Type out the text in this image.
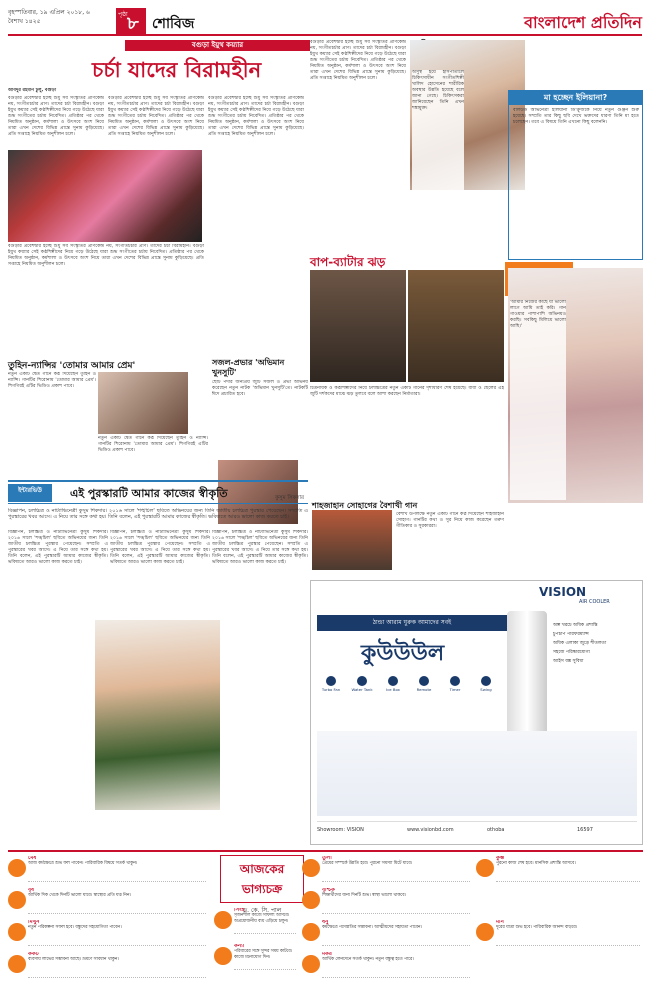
বৃহস্পতিবার, ১৯ এপ্রিল ২০১৮, ৬ বৈশাখ ১৪২৫
পৃষ্ঠা ৮ শোবিজ	বাংলাদেশ প্রতিদিন
বগুড়া ইয়ুথ কয়্যার
চর্চা যাদের বিরামহীন
আবদুর রহমান টুলু, বগুড়া
বগুড়ার প্রবেশদ্বার হচ্ছে শুধু সব সংস্কৃতির প্রাণকেন্দ্র নয়, সংগীতচর্চার প্রাণ। তাদের চর্চা বিরামহীন। বগুড়া ইয়ুথ কয়্যার সেই কণ্ঠশিল্পীদের নিয়ে গড়ে উঠেছে যারা শুদ্ধ সংগীতের চর্চায় নিবেদিত। প্রতিষ্ঠার পর থেকে নিয়মিত অনুষ্ঠান, কর্মশালা ও উৎসবে অংশ নিয়ে তারা এখন দেশের বিভিন্ন প্রান্তে সুনাম কুড়িয়েছে। প্রতি সপ্তাহে নিয়মিত অনুশীলন চলে।
বগুড়ার প্রবেশদ্বার হচ্ছে শুধু সব সংস্কৃতির প্রাণকেন্দ্র নয়, সংগীতচর্চার প্রাণ। তাদের চর্চা বিরামহীন। বগুড়া ইয়ুথ কয়্যার সেই কণ্ঠশিল্পীদের নিয়ে গড়ে উঠেছে যারা শুদ্ধ সংগীতের চর্চায় নিবেদিত। প্রতিষ্ঠার পর থেকে নিয়মিত অনুষ্ঠান, কর্মশালা ও উৎসবে অংশ নিয়ে তারা এখন দেশের বিভিন্ন প্রান্তে সুনাম কুড়িয়েছে। প্রতি সপ্তাহে নিয়মিত অনুশীলন চলে।
বগুড়ার প্রবেশদ্বার হচ্ছে শুধু সব সংস্কৃতির প্রাণকেন্দ্র নয়, সংগীতচর্চার প্রাণ। তাদের চর্চা বিরামহীন। বগুড়া ইয়ুথ কয়্যার সেই কণ্ঠশিল্পীদের নিয়ে গড়ে উঠেছে যারা শুদ্ধ সংগীতের চর্চায় নিবেদিত। প্রতিষ্ঠার পর থেকে নিয়মিত অনুষ্ঠান, কর্মশালা ও উৎসবে অংশ নিয়ে তারা এখন দেশের বিভিন্ন প্রান্তে সুনাম কুড়িয়েছে। প্রতি সপ্তাহে নিয়মিত অনুশীলন চলে।
বগুড়ার প্রবেশদ্বার হচ্ছে শুধু সব সংস্কৃতির প্রাণকেন্দ্র নয়, সংগীতচর্চার প্রাণ। তাদের চর্চা বিরামহীন। বগুড়া ইয়ুথ কয়্যার সেই কণ্ঠশিল্পীদের নিয়ে গড়ে উঠেছে যারা শুদ্ধ সংগীতের চর্চায় নিবেদিত। প্রতিষ্ঠার পর থেকে নিয়মিত অনুষ্ঠান, কর্মশালা ও উৎসবে অংশ নিয়ে তারা এখন দেশের বিভিন্ন প্রান্তে সুনাম কুড়িয়েছে। প্রতি সপ্তাহে নিয়মিত অনুশীলন চলে।
বগুড়ার প্রবেশদ্বার হচ্ছে শুধু সব সংস্কৃতির প্রাণকেন্দ্র নয়, সংগীতচর্চার প্রাণ। তাদের চর্চা বিরামহীন। বগুড়া ইয়ুথ কয়্যার সেই কণ্ঠশিল্পীদের নিয়ে গড়ে উঠেছে যারা শুদ্ধ সংগীতের চর্চায় নিবেদিত। প্রতিষ্ঠার পর থেকে নিয়মিত অনুষ্ঠান, কর্মশালা ও উৎসবে অংশ নিয়ে তারা এখন দেশের বিভিন্ন প্রান্তে সুনাম কুড়িয়েছে। প্রতি সপ্তাহে নিয়মিত অনুশীলন চলে।
অসুস্থ হয়ে হাসপাতালে চিকিৎসাধীন সংগীতশিল্পী খালিদ হোসেনের শারীরিক অবস্থার উন্নতি হয়েছে বলে জানা গেছে। চিকিৎসকরা জানিয়েছেন তিনি এখন শঙ্কামুক্ত।
মা হচ্ছেন ইলিয়ানা?
বলিউড অভিনেত্রী ইলিয়ানা ডি'ক্রুজকে নিয়ে নতুন গুঞ্জন শুরু হয়েছে। সম্প্রতি তার কিছু ছবি দেখে ভক্তদের ধারণা তিনি মা হতে চলেছেন। তবে এ বিষয়ে তিনি এখনো কিছু বলেননি।
বাপ-ব্যাটার ঝড়
চিত্রনায়ক ও কণ্ঠশিল্পীদের নিয়ে চলচ্চিত্রের নতুন একটি গানের দৃশ্যধারণ শেষ হয়েছে। বাবা ও ছেলের এই জুটি দর্শকদের মাঝে ঝড় তুলবে বলে আশা করছেন নির্মাতারা।
'আমার নিজের কাছে যা ভালো লাগে আমি তাই করি। গান গাওয়ার পাশাপাশি অভিনয়ও করছি। সবকিছু মিলিয়ে ভালো আছি।'
তুহিন-ন্যান্সির 'তোমার আমার প্রেম'
নতুন একটি দ্বৈত গানে কণ্ঠ দিয়েছেন তুহিন ও ন্যান্সি। গানটির শিরোনাম 'তোমার আমার প্রেম'। শিগগিরই এটির ভিডিও প্রকাশ পাবে।
নতুন একটি দ্বৈত গানে কণ্ঠ দিয়েছেন তুহিন ও ন্যান্সি। গানটির শিরোনাম 'তোমার আমার প্রেম'। শিগগিরই এটির ভিডিও প্রকাশ পাবে।
সজল-প্রভার 'অভিমান খুনসুটি'
ছোট পর্দার জনপ্রিয় জুটি সজল ও প্রভা অভিনয় করেছেন নতুন নাটক 'অভিমান খুনসুটি'তে। নাটকটি ঈদে প্রচারিত হবে।
শাহজাহান সোহাগের বৈশাখী গান
বৈশাখ উপলক্ষে নতুন একটি গানে কণ্ঠ দিয়েছেন শাহজাহান সোহাগ। গানটির কথা ও সুর নিয়ে কাজ করেছেন তরুণ গীতিকার ও সুরকাররা।
ইন্টারভিউ	এই পুরস্কারটি আমার কাজের স্বীকৃতি	কুসুম সিকদার
বিজ্ঞাপন, চলচ্চিত্র ও নাট্যাভিনেত্রী কুসুম শিকদার। ২০১৬ সালে 'শঙ্খচিল' ছবিতে অভিনয়ের জন্য তিনি জাতীয় চলচ্চিত্র পুরস্কার পেয়েছেন। সম্প্রতি এ পুরস্কারের খবর আসে। এ নিয়ে তার সঙ্গে কথা হয়। তিনি বলেন, এই পুরস্কারটি আমার কাজের স্বীকৃতি। ভবিষ্যতে আরও ভালো কাজ করতে চাই।
বিজ্ঞাপন, চলচ্চিত্র ও নাট্যাভিনেত্রী কুসুম শিকদার। ২০১৬ সালে 'শঙ্খচিল' ছবিতে অভিনয়ের জন্য তিনি জাতীয় চলচ্চিত্র পুরস্কার পেয়েছেন। সম্প্রতি এ পুরস্কারের খবর আসে। এ নিয়ে তার সঙ্গে কথা হয়। তিনি বলেন, এই পুরস্কারটি আমার কাজের স্বীকৃতি। ভবিষ্যতে আরও ভালো কাজ করতে চাই।
বিজ্ঞাপন, চলচ্চিত্র ও নাট্যাভিনেত্রী কুসুম শিকদার। ২০১৬ সালে 'শঙ্খচিল' ছবিতে অভিনয়ের জন্য তিনি জাতীয় চলচ্চিত্র পুরস্কার পেয়েছেন। সম্প্রতি এ পুরস্কারের খবর আসে। এ নিয়ে তার সঙ্গে কথা হয়। তিনি বলেন, এই পুরস্কারটি আমার কাজের স্বীকৃতি। ভবিষ্যতে আরও ভালো কাজ করতে চাই।
বিজ্ঞাপন, চলচ্চিত্র ও নাট্যাভিনেত্রী কুসুম শিকদার। ২০১৬ সালে 'শঙ্খচিল' ছবিতে অভিনয়ের জন্য তিনি জাতীয় চলচ্চিত্র পুরস্কার পেয়েছেন। সম্প্রতি এ পুরস্কারের খবর আসে। এ নিয়ে তার সঙ্গে কথা হয়। তিনি বলেন, এই পুরস্কারটি আমার কাজের স্বীকৃতি। ভবিষ্যতে আরও ভালো কাজ করতে চাই।
VISION
AIR COOLER
ঠান্ডা আরাম ঘুরুক আমাদের সবই
কুউউউল
Turbo Fan	Water Tank	Ice Box	Remote	Timer	Swing
অল্প খরচে অধিক প্রশান্তি
চুপচাপ পারফরম্যান্স
অধিক এলাকা জুড়ে শীতলতা
সহজে পরিষ্কারযোগ্য
আইস বক্স সুবিধা
Showroom: VISION	www.visionbd.com	othoba	16597
আজকের ভাগ্যচক্র
ড. কে. সি. পাল
মেষ
আজ কর্মক্ষেত্রে শুভ ফল পাবেন। পারিবারিক বিষয়ে সতর্ক থাকুন।
বৃষ
আর্থিক দিক থেকে দিনটি ভালো যাবে। স্বাস্থ্যের প্রতি যত্ন নিন।
মিথুন
নতুন পরিকল্পনা সফল হবে। বন্ধুদের সহযোগিতা পাবেন।
কর্কট
ব্যবসায় লাভের সম্ভাবনা আছে। ভ্রমণে সাবধান থাকুন।
সিংহ
সৃজনশীল কাজে সাফল্য আসবে। অপ্রয়োজনীয় ব্যয় এড়িয়ে চলুন।
কন্যা
পরিবারের সঙ্গে সুন্দর সময় কাটবে। কাজে মনোযোগ দিন।
তুলা
প্রেমের সম্পর্কে উন্নতি হবে। পুরনো সমস্যা মিটে যাবে।
বৃশ্চিক
শিক্ষার্থীদের জন্য দিনটি শুভ। স্বাস্থ্য ভালো থাকবে।
ধনু
কর্মক্ষেত্রে পদোন্নতির সম্ভাবনা। আত্মীয়দের সহায়তা পাবেন।
মকর
আর্থিক লেনদেনে সতর্ক থাকুন। নতুন বন্ধুত্ব হতে পারে।
কুম্ভ
পুরনো কাজ শেষ হবে। মানসিক প্রশান্তি আসবে।
মীন
দূরের যাত্রা শুভ হবে। পারিবারিক আনন্দ বাড়বে।
